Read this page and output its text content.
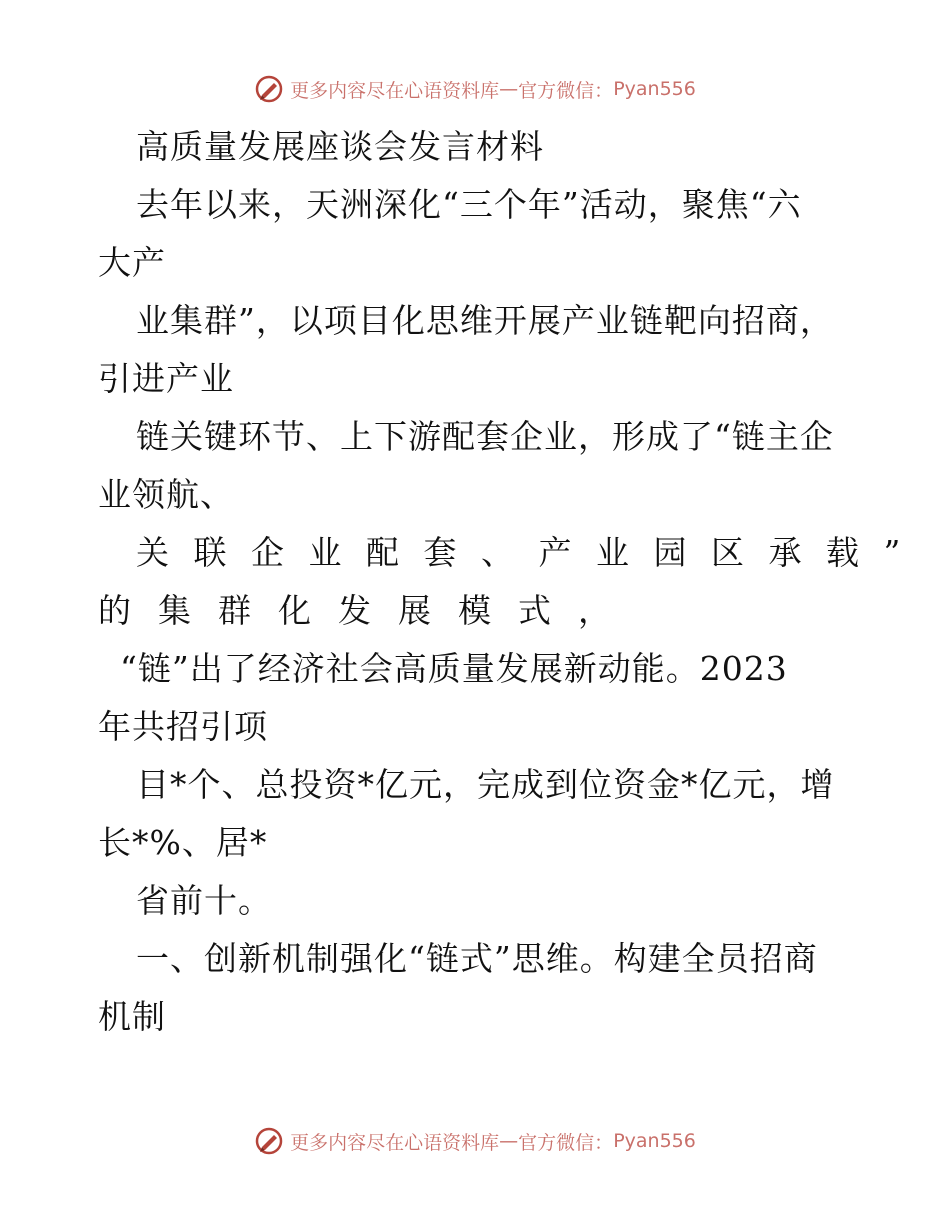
更多内容尽在心语资料库 — 官方微信： Pyan556
高质量发展座谈会发言材料
去年以来，天洲深化“三个年”活动，聚焦“六
大产
业集群”，以项目化思维开展产业链靶向招商，
引进产业
链关键环节、上下游配套企业，形成了“链主企
业领航、
关联企业配套、产业园区承载”
的集群化发展模式，
“链”出了经济社会高质量发展新动能。2023
年共招引项
目*个、总投资*亿元，完成到位资金*亿元，增
长*%、居*
省前十。
一、创新机制强化“链式”思维。构建全员招商
机制
更多内容尽在心语资料库 — 官方微信： Pyan556
